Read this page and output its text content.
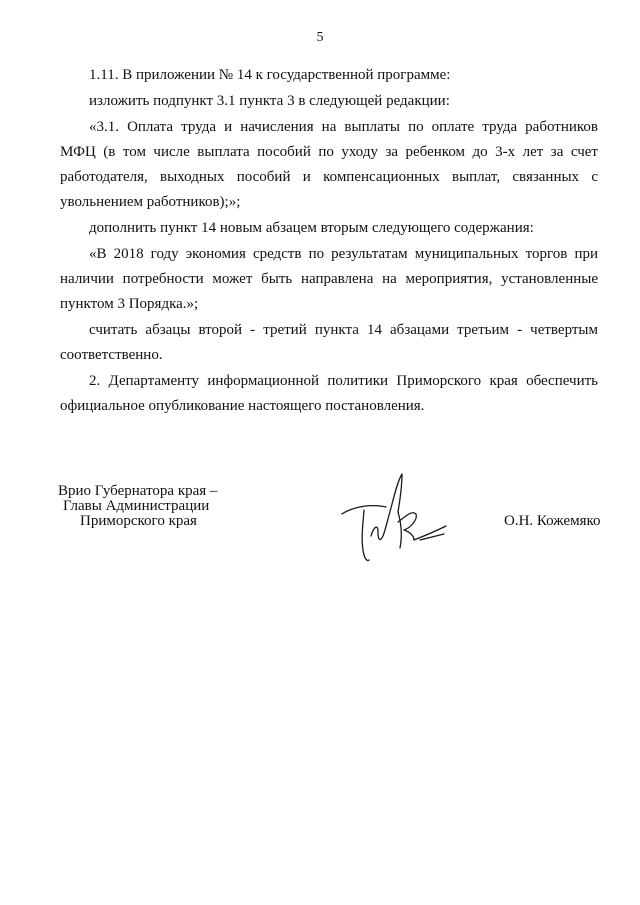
5
1.11. В приложении № 14 к государственной программе:
изложить подпункт 3.1 пункта 3 в следующей редакции:
«3.1. Оплата труда и начисления на выплаты по оплате труда работников
МФЦ (в том числе выплата пособий по уходу за ребенком до 3-х лет за счет
работодателя, выходных пособий и компенсационных выплат, связанных с
увольнением работников);»;
дополнить пункт 14 новым абзацем вторым следующего содержания:
«В 2018 году экономия средств по результатам муниципальных торгов при
наличии потребности может быть направлена на мероприятия, установленные
пунктом 3 Порядка.»;
считать абзацы второй - третий пункта 14 абзацами третьим - четвертым
соответственно.
2. Департаменту информационной политики Приморского края обеспечить
официальное опубликование настоящего постановления.
Врио Губернатора края –
Главы Администрации
Приморского края	О.Н. Кожемяко
